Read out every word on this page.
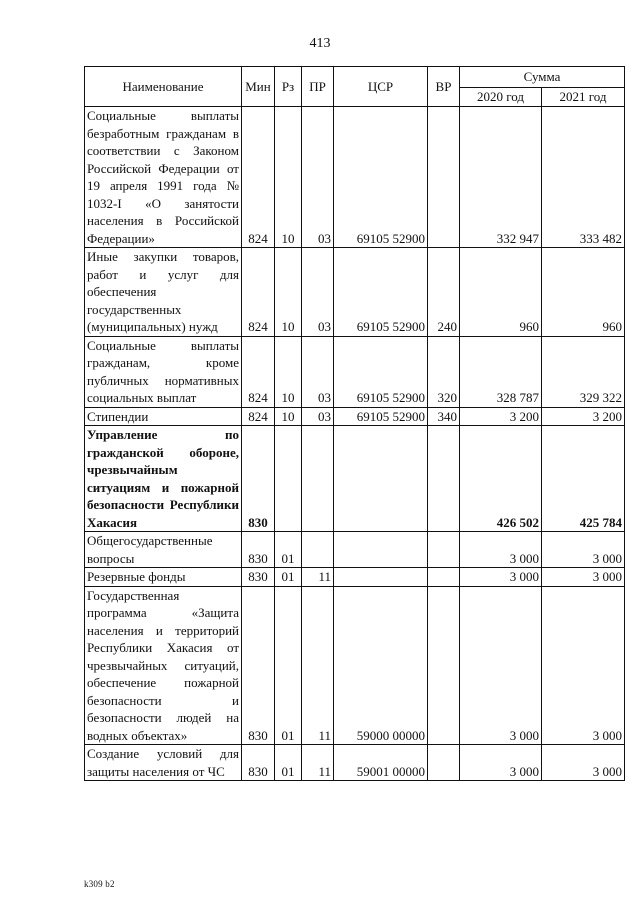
413
Наименование	Мин	Рз	ПР	ЦСР	ВР	Сумма	
						2020 год	2021 год
Социальные выплаты безработным гражданам в соответствии с Законом Российской Федерации от 19 апреля 1991 года № 1032-I «О занятости населения в Российской Федерации»	824	10	03	69105 52900		332 947	333 482
Иные закупки товаров, работ и услуг для обеспечения государственных (муниципальных) нужд	824	10	03	69105 52900	240	960	960
Социальные выплаты гражданам, кроме публичных нормативных социальных выплат	824	10	03	69105 52900	320	328 787	329 322
Стипендии	824	10	03	69105 52900	340	3 200	3 200
Управление по гражданской обороне, чрезвычайным ситуациям и пожарной безопасности Республики Хакасия	830					426 502	425 784
Общегосударственные вопросы	830	01				3 000	3 000
Резервные фонды	830	01	11			3 000	3 000
Государственная программа «Защита населения и территорий Республики Хакасия от чрезвычайных ситуаций, обеспечение пожарной безопасности и безопасности людей на водных объектах»	830	01	11	59000 00000		3 000	3 000
Создание условий для защиты населения от ЧС	830	01	11	59001 00000		3 000	3 000
k309 b2
